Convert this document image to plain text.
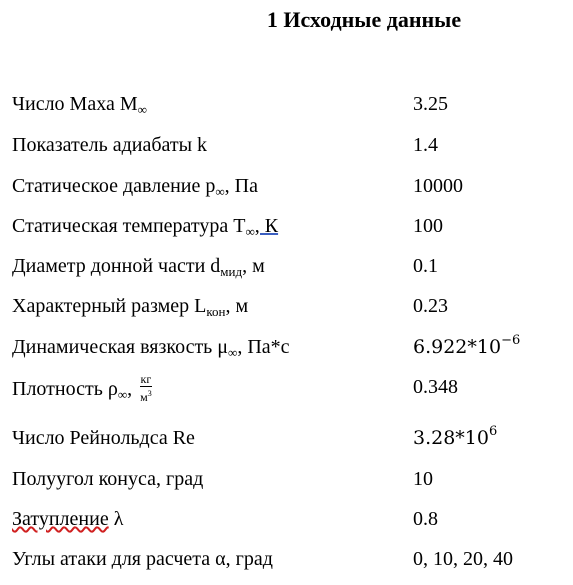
1 Исходные данные
Число Маха $M_\infty$	3.25
Показатель адиабаты k	1.4
Статическое давление $p_\infty$, Па	10000
Статическая температура $T_\infty$, К	100
Диаметр донной части $d_{мид}$, м	0.1
Характерный размер $L_{кон}$, м	0.23
Динамическая вязкость $\mu_\infty$, Па*с	$6.922*10^{-6}$
Плотность $\rho_\infty$, $\frac{кг}{м^3}$	0.348
Число Рейнольдса Re	$3.28*10^6$
Полуугол конуса, град	10
Затупление λ	0.8
Углы атаки для расчета α, град	0, 10, 20, 40
